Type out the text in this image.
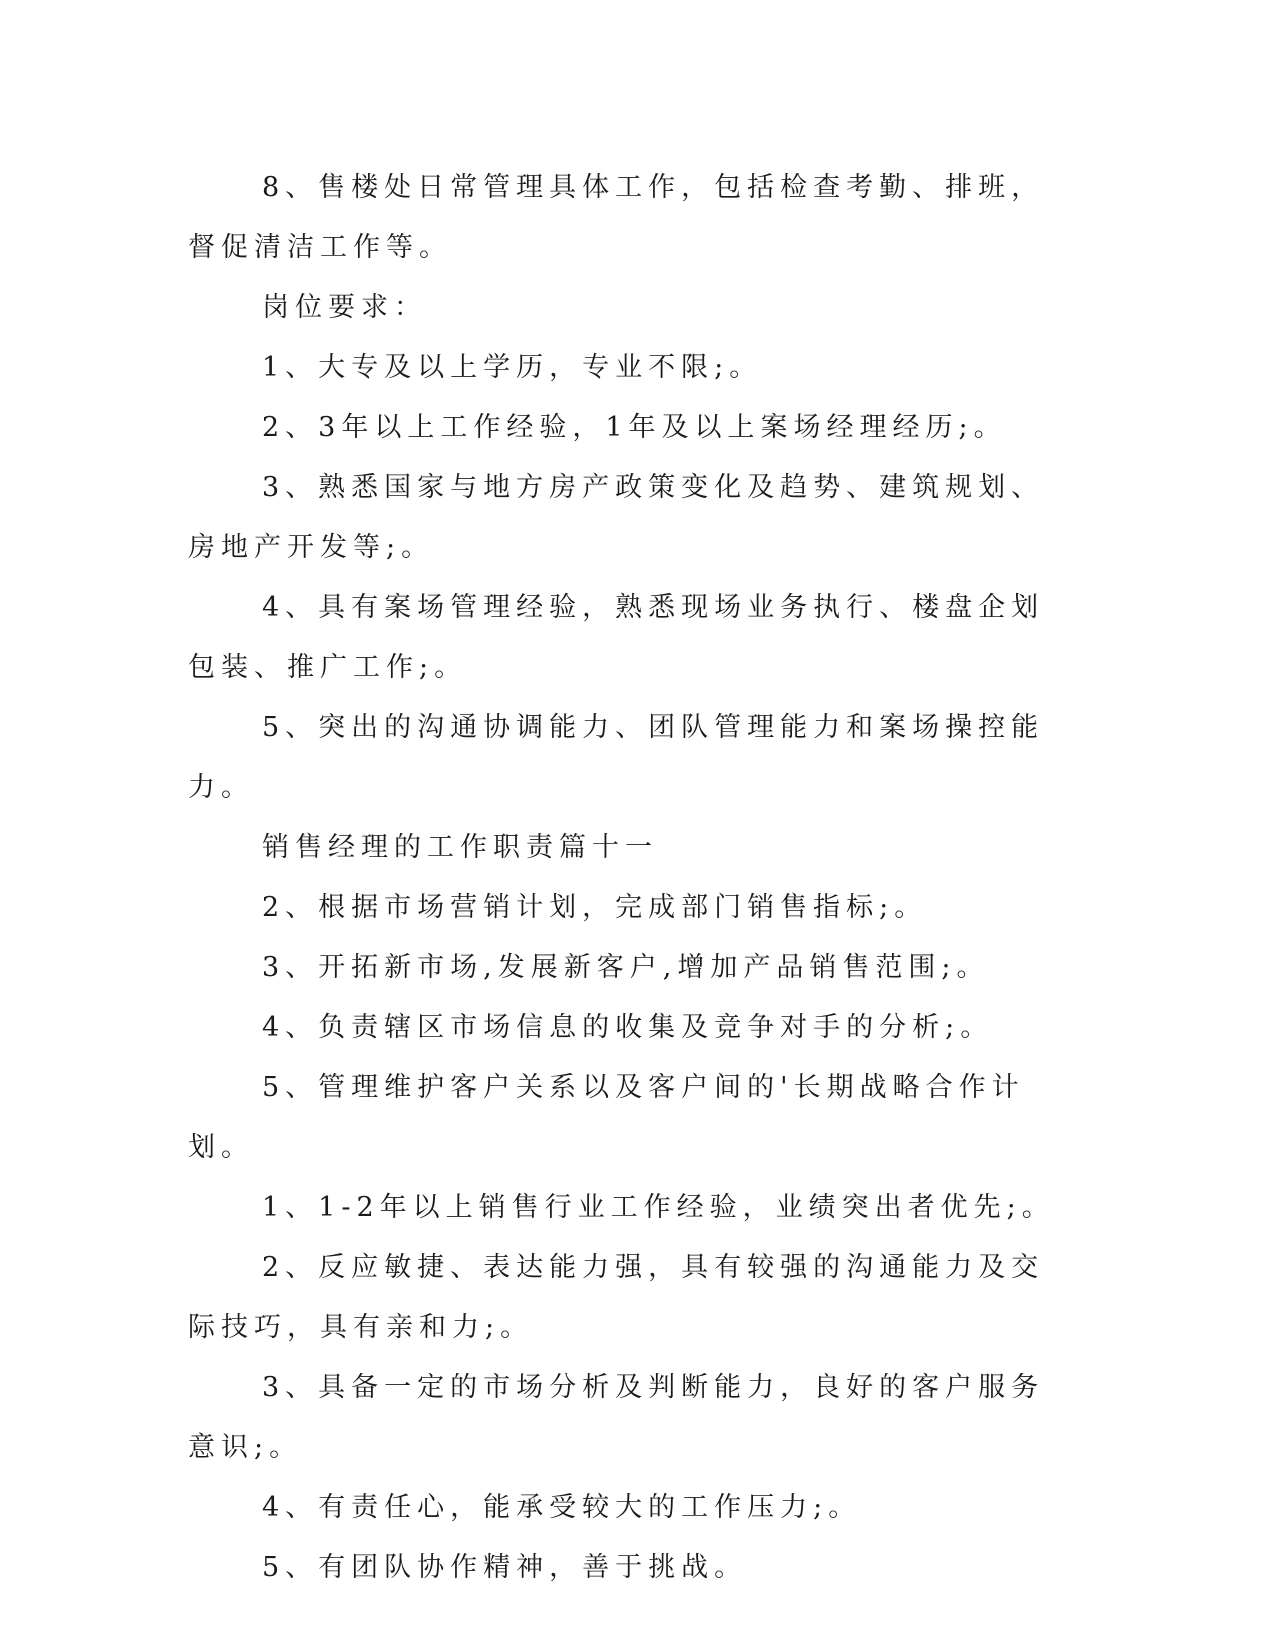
8、售楼处日常管理具体工作，包括检查考勤、排班，督促清洁工作等。

岗位要求：

1、大专及以上学历，专业不限;。

2、3年以上工作经验，1年及以上案场经理经历;。

3、熟悉国家与地方房产政策变化及趋势、建筑规划、房地产开发等;。

4、具有案场管理经验，熟悉现场业务执行、楼盘企划包装、推广工作;。

5、突出的沟通协调能力、团队管理能力和案场操控能力。

销售经理的工作职责篇十一

2、根据市场营销计划，完成部门销售指标;。

3、开拓新市场,发展新客户,增加产品销售范围;。

4、负责辖区市场信息的收集及竞争对手的分析;。

5、管理维护客户关系以及客户间的'长期战略合作计划。

1、1-2年以上销售行业工作经验，业绩突出者优先;。

2、反应敏捷、表达能力强，具有较强的沟通能力及交际技巧，具有亲和力;。

3、具备一定的市场分析及判断能力，良好的客户服务意识;。

4、有责任心，能承受较大的工作压力;。

5、有团队协作精神，善于挑战。
